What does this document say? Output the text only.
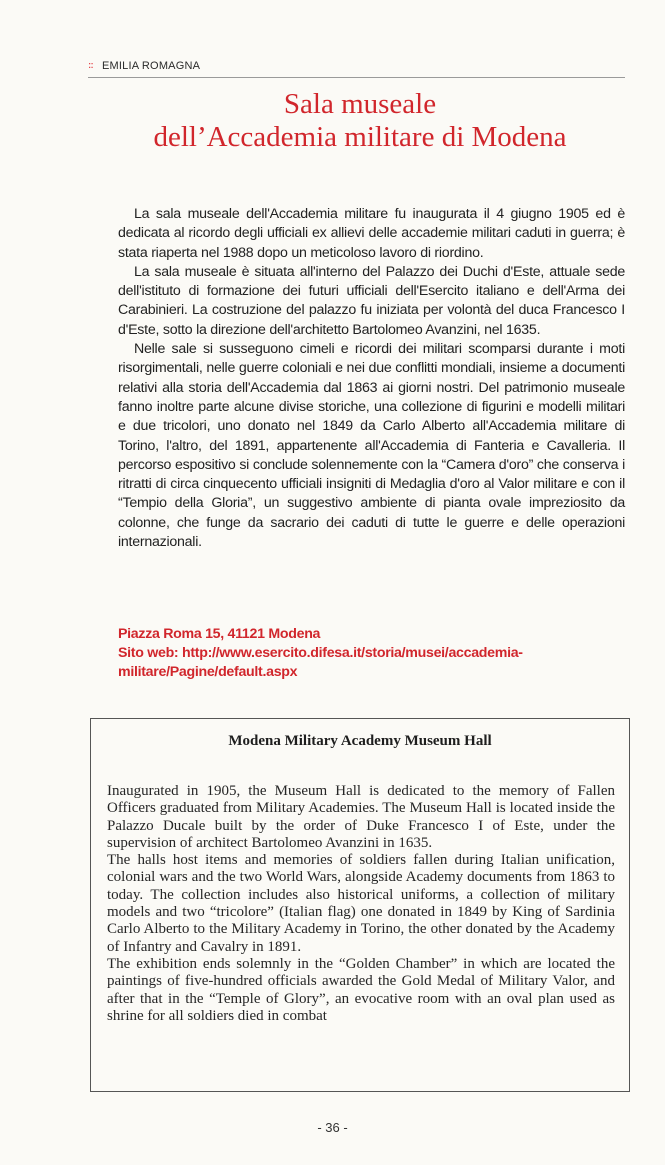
:: EMILIA ROMAGNA
Sala museale
dell’Accademia militare di Modena

La sala museale dell'Accademia militare fu inaugurata il 4 giugno 1905 ed è dedicata al ricordo degli ufficiali ex allievi delle accademie militari caduti in guerra; è stata riaperta nel 1988 dopo un meticoloso lavoro di riordino.

La sala museale è situata all'interno del Palazzo dei Duchi d'Este, attuale sede dell'istituto di formazione dei futuri ufficiali dell'Esercito italiano e dell'Arma dei Carabinieri. La costruzione del palazzo fu iniziata per volontà del duca Francesco I d'Este, sotto la direzione dell'architetto Bartolomeo Avanzini, nel 1635.

Nelle sale si susseguono cimeli e ricordi dei militari scomparsi durante i moti risorgimentali, nelle guerre coloniali e nei due conflitti mondiali, insieme a documenti relativi alla storia dell'Accademia dal 1863 ai giorni nostri. Del patrimonio museale fanno inoltre parte alcune divise storiche, una collezione di figurini e modelli militari e due tricolori, uno donato nel 1849 da Carlo Alberto all'Accademia militare di Torino, l'altro, del 1891, appartenente all'Accademia di Fanteria e Cavalleria. Il percorso espositivo si conclude solennemente con la “Camera d'oro” che conserva i ritratti di circa cinquecento ufficiali insigniti di Medaglia d'oro al Valor militare e con il “Tempio della Gloria”, un suggestivo ambiente di pianta ovale impreziosito da colonne, che funge da sacrario dei caduti di tutte le guerre e delle operazioni internazionali.

Piazza Roma 15, 41121 Modena
Sito web: http://www.esercito.difesa.it/storia/musei/accademia-
militare/Pagine/default.aspx
Modena Military Academy Museum Hall

Inaugurated in 1905, the Museum Hall is dedicated to the memory of Fallen Officers graduated from Military Academies. The Museum Hall is located inside the Palazzo Ducale built by the order of Duke Francesco I of Este, under the supervision of architect Bartolomeo Avanzini in 1635.

The halls host items and memories of soldiers fallen during Italian unification, colonial wars and the two World Wars, alongside Academy documents from 1863 to today. The collection includes also historical uniforms, a collection of military models and two “tricolore” (Italian flag) one donated in 1849 by King of Sardinia Carlo Alberto to the Military Academy in Torino, the other donated by the Academy of Infantry and Cavalry in 1891.

The exhibition ends solemnly in the “Golden Chamber” in which are located the paintings of five-hundred officials awarded the Gold Medal of Military Valor, and after that in the “Temple of Glory”, an evocative room with an oval plan used as shrine for all soldiers died in combat

- 36 -
